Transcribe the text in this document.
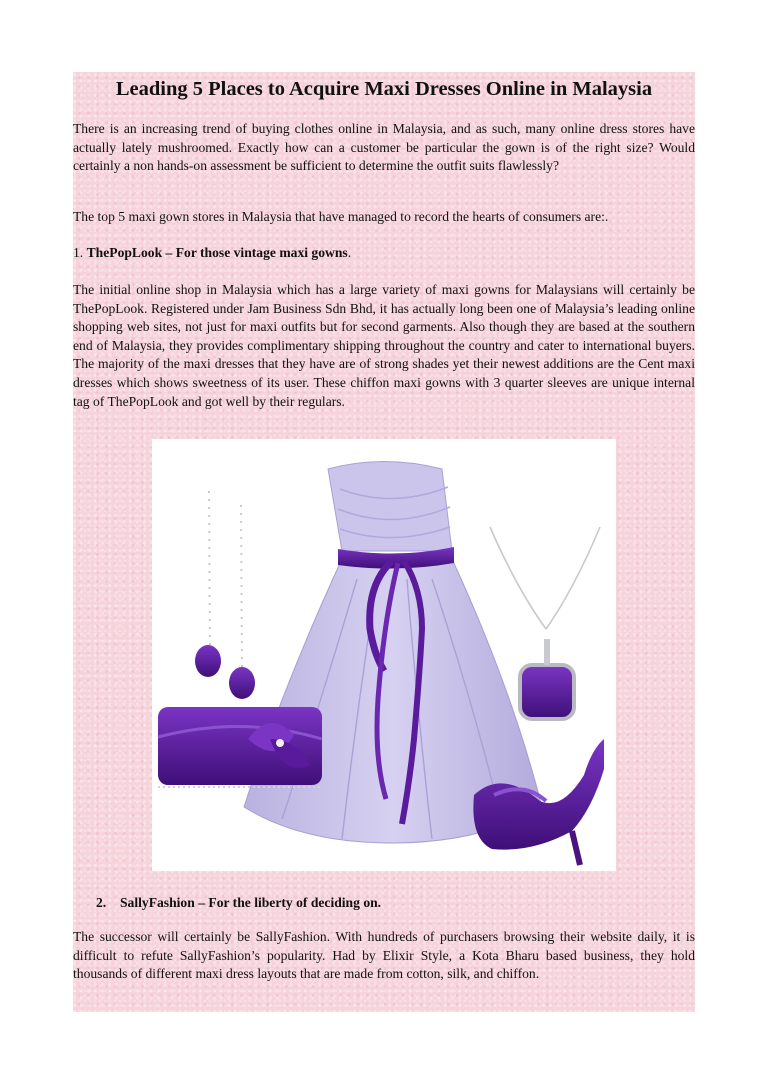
Leading 5 Places to Acquire Maxi Dresses Online in Malaysia

There is an increasing trend of buying clothes online in Malaysia, and as such, many online dress stores have actually lately mushroomed. Exactly how can a customer be particular the gown is of the right size? Would certainly a non hands-on assessment be sufficient to determine the outfit suits flawlessly?

The top 5 maxi gown stores in Malaysia that have managed to record the hearts of consumers are:.

1. ThePopLook – For those vintage maxi gowns.

The initial online shop in Malaysia which has a large variety of maxi gowns for Malaysians will certainly be ThePopLook. Registered under Jam Business Sdn Bhd, it has actually long been one of Malaysia’s leading online shopping web sites, not just for maxi outfits but for second garments. Also though they are based at the southern end of Malaysia, they provides complimentary shipping throughout the country and cater to international buyers. The majority of the maxi dresses that they have are of strong shades yet their newest additions are the Cent maxi dresses which shows sweetness of its user. These chiffon maxi gowns with 3 quarter sleeves are unique internal tag of ThePopLook and got well by their regulars.

2. SallyFashion – For the liberty of deciding on.

The successor will certainly be SallyFashion. With hundreds of purchasers browsing their website daily, it is difficult to refute SallyFashion’s popularity. Had by Elixir Style, a Kota Bharu based business, they hold thousands of different maxi dress layouts that are made from cotton, silk, and chiffon.
